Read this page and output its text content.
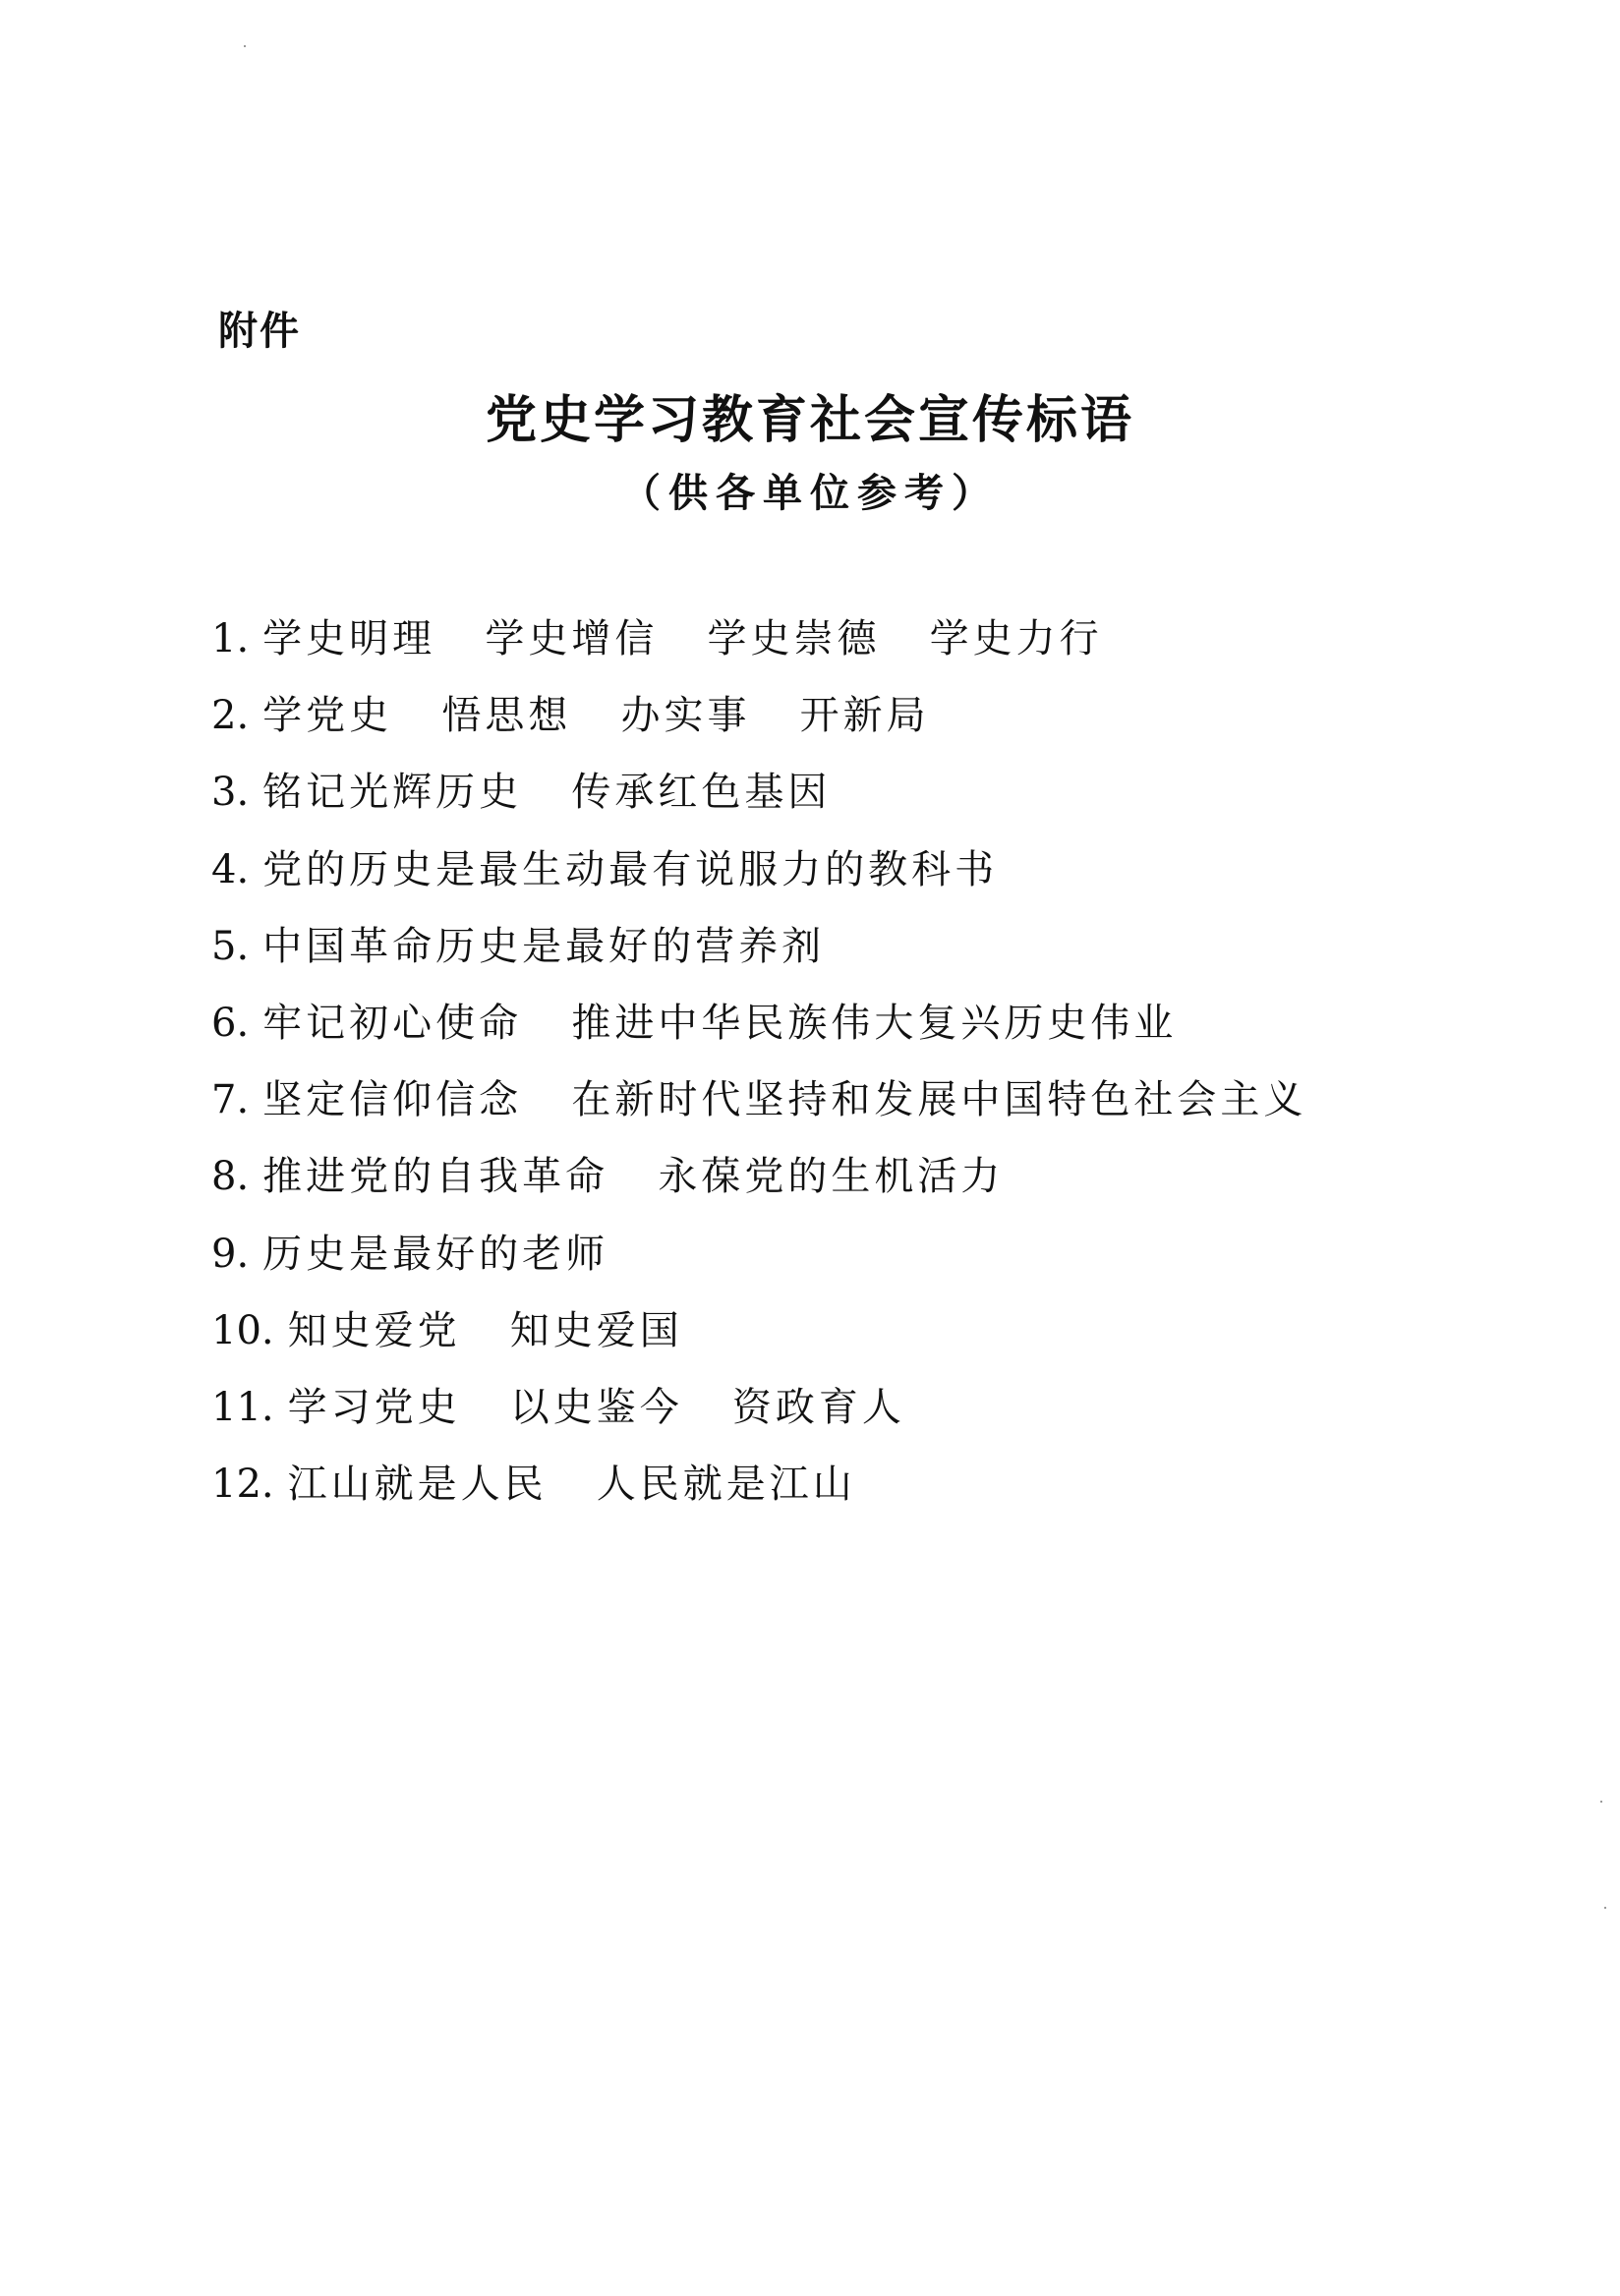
附件
党史学习教育社会宣传标语
（供各单位参考）
1. 学史明理   学史增信   学史崇德   学史力行
2. 学党史   悟思想   办实事   开新局
3. 铭记光辉历史   传承红色基因
4. 党的历史是最生动最有说服力的教科书
5. 中国革命历史是最好的营养剂
6. 牢记初心使命   推进中华民族伟大复兴历史伟业
7. 坚定信仰信念   在新时代坚持和发展中国特色社会主义
8. 推进党的自我革命   永葆党的生机活力
9. 历史是最好的老师
10. 知史爱党   知史爱国
11. 学习党史   以史鉴今   资政育人
12. 江山就是人民   人民就是江山
